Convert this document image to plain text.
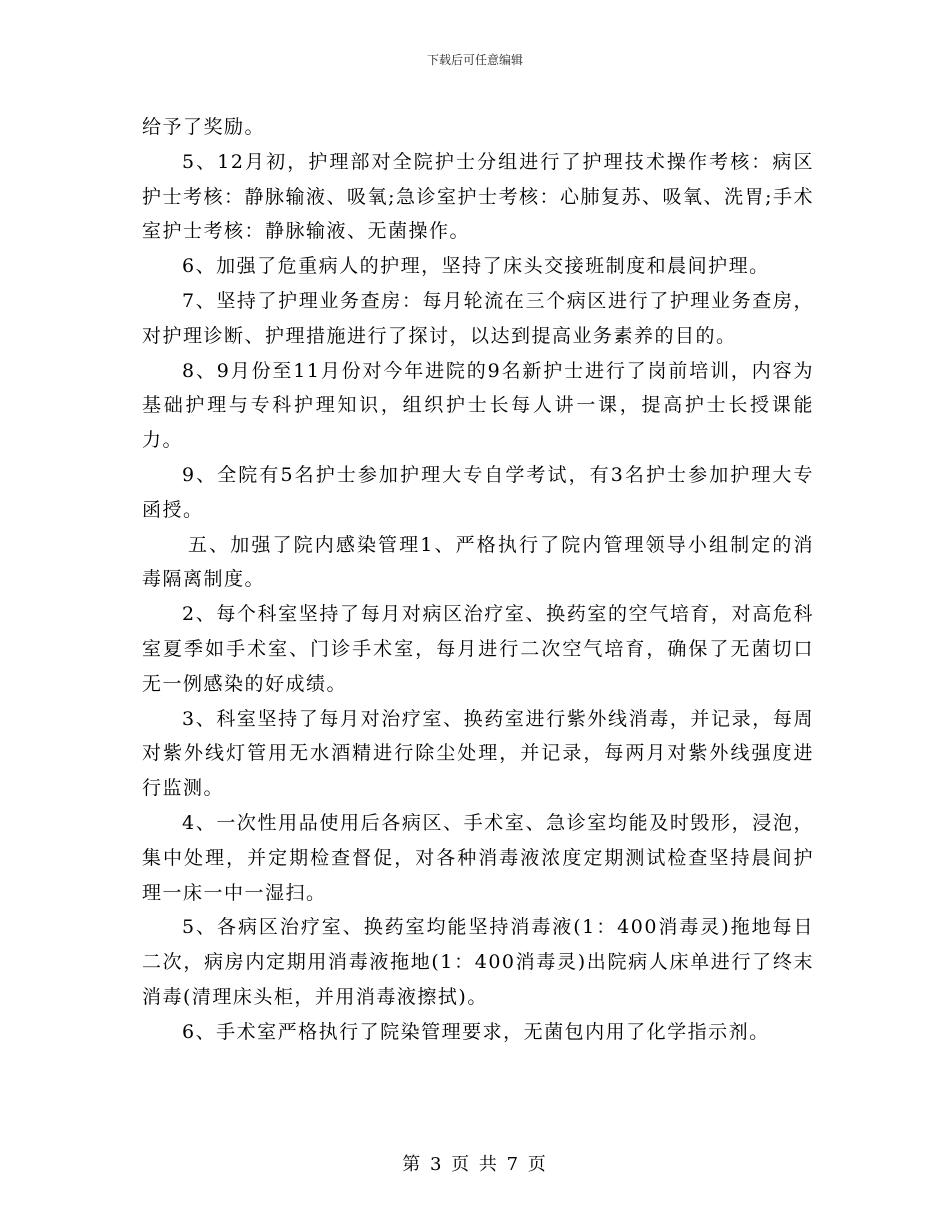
下载后可任意编辑

给予了奖励。

5、12月初，护理部对全院护士分组进行了护理技术操作考核：病区护士考核：静脉输液、吸氧;急诊室护士考核：心肺复苏、吸氧、洗胃;手术室护士考核：静脉输液、无菌操作。

6、加强了危重病人的护理，坚持了床头交接班制度和晨间护理。

7、坚持了护理业务查房：每月轮流在三个病区进行了护理业务查房，对护理诊断、护理措施进行了探讨，以达到提高业务素养的目的。

8、9月份至11月份对今年进院的9名新护士进行了岗前培训，内容为基础护理与专科护理知识，组织护士长每人讲一课，提高护士长授课能力。

9、全院有5名护士参加护理大专自学考试，有3名护士参加护理大专函授。

五、加强了院内感染管理1、严格执行了院内管理领导小组制定的消毒隔离制度。

2、每个科室坚持了每月对病区治疗室、换药室的空气培育，对高危科室夏季如手术室、门诊手术室，每月进行二次空气培育，确保了无菌切口无一例感染的好成绩。

3、科室坚持了每月对治疗室、换药室进行紫外线消毒，并记录，每周对紫外线灯管用无水酒精进行除尘处理，并记录，每两月对紫外线强度进行监测。

4、一次性用品使用后各病区、手术室、急诊室均能及时毁形，浸泡，集中处理，并定期检查督促，对各种消毒液浓度定期测试检查坚持晨间护理一床一中一湿扫。

5、各病区治疗室、换药室均能坚持消毒液(1：400消毒灵)拖地每日二次，病房内定期用消毒液拖地(1：400消毒灵)出院病人床单进行了终末消毒(清理床头柜，并用消毒液擦拭)。

6、手术室严格执行了院染管理要求，无菌包内用了化学指示剂。

第 3 页 共 7 页
